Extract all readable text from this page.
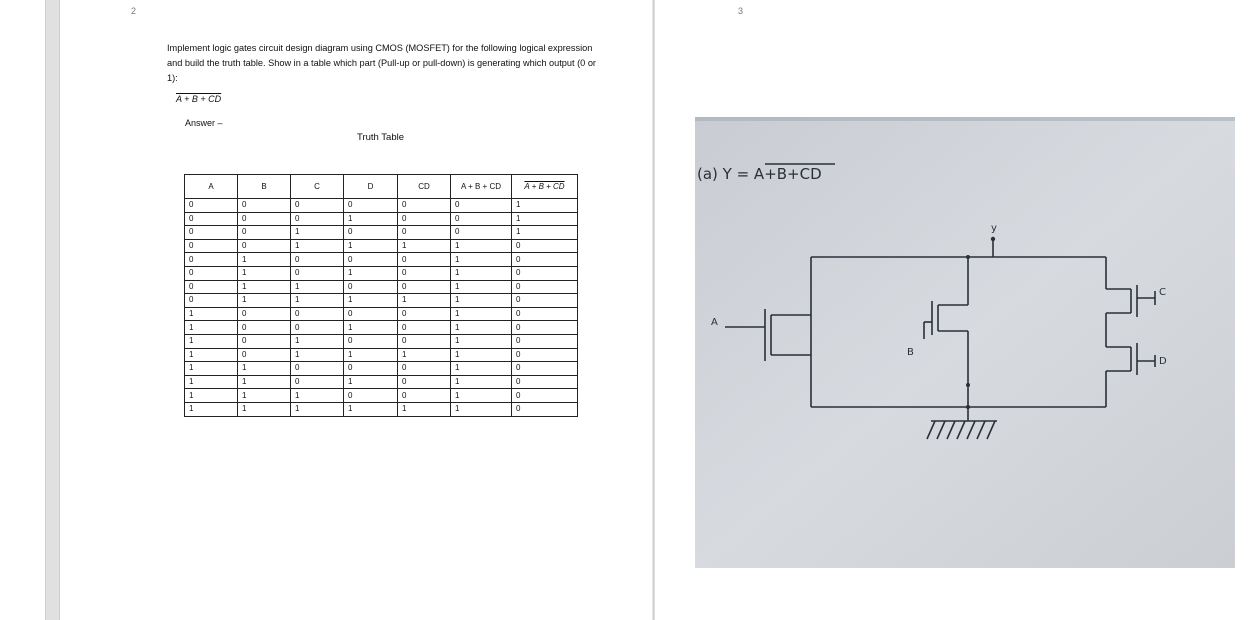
2
Implement logic gates circuit design diagram using CMOS (MOSFET) for the following logical expression and build the truth table. Show in a table which part (Pull-up or pull-down) is generating which output (0 or 1):
A + B + CD
Answer –
Truth Table
A	B	C	D	CD	A + B + CD	A + B + CD
0	0	0	0	0	0	1
0	0	0	1	0	0	1
0	0	1	0	0	0	1
0	0	1	1	1	1	0
0	1	0	0	0	1	0
0	1	0	1	0	1	0
0	1	1	0	0	1	0
0	1	1	1	1	1	0
1	0	0	0	0	1	0
1	0	0	1	0	1	0
1	0	1	0	0	1	0
1	0	1	1	1	1	0
1	1	0	0	0	1	0
1	1	0	1	0	1	0
1	1	1	0	0	1	0
1	1	1	1	1	1	0
3
(a) Y = A+B+CD
y
A
B
C
D
